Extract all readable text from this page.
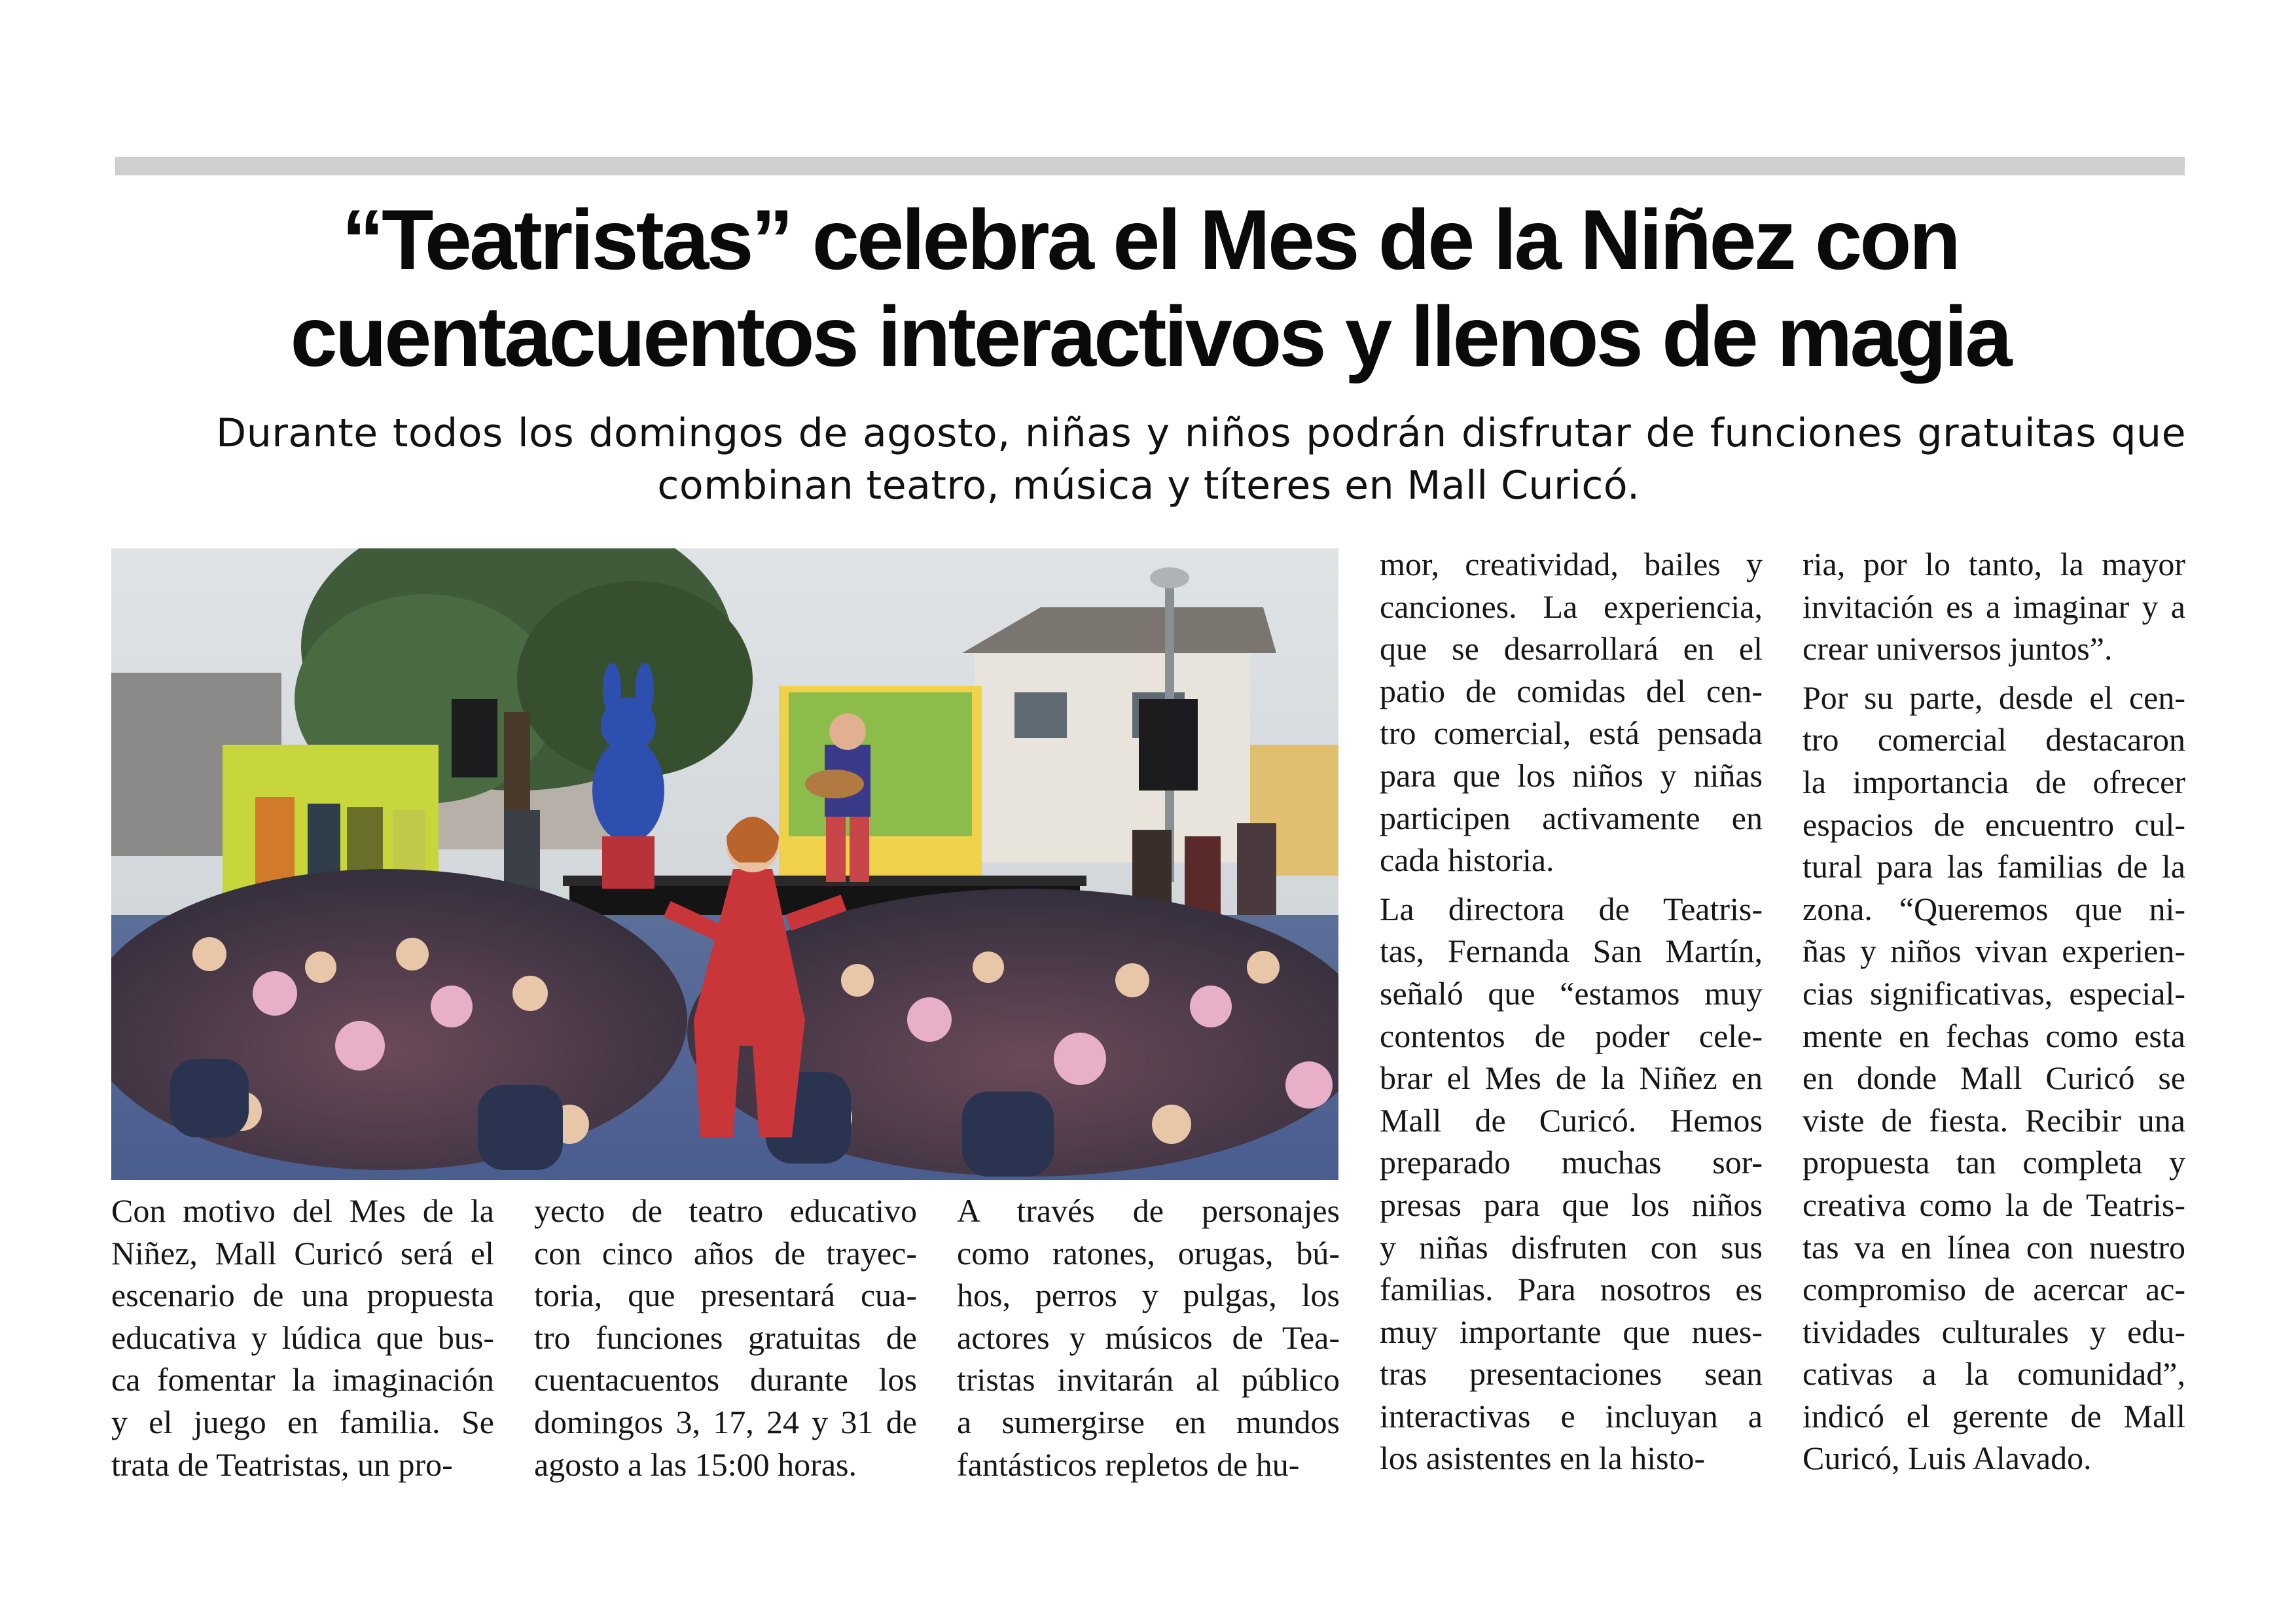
“Teatristas” celebra el Mes de la Niñez con
cuentacuentos interactivos y llenos de magia

Durante todos los domingos de agosto, niñas y niños podrán disfrutar de funciones gratuitas que
combinan teatro, música y títeres en Mall Curicó.

Con motivo del Mes de la
Niñez, Mall Curicó será el
escenario de una propuesta
educativa y lúdica que bus-
ca fomentar la imaginación
y el juego en familia. Se
trata de Teatristas, un pro-
yecto de teatro educativo
con cinco años de trayec-
toria, que presentará cua-
tro funciones gratuitas de
cuentacuentos durante los
domingos 3, 17, 24 y 31 de
agosto a las 15:00 horas.
A través de personajes
como ratones, orugas, bú-
hos, perros y pulgas, los
actores y músicos de Tea-
tristas invitarán al público
a sumergirse en mundos
fantásticos repletos de hu-
mor, creatividad, bailes y
canciones. La experiencia,
que se desarrollará en el
patio de comidas del cen-
tro comercial, está pensada
para que los niños y niñas
participen activamente en
cada historia.
La directora de Teatris-
tas, Fernanda San Martín,
señaló que “estamos muy
contentos de poder cele-
brar el Mes de la Niñez en
Mall de Curicó. Hemos
preparado muchas sor-
presas para que los niños
y niñas disfruten con sus
familias. Para nosotros es
muy importante que nues-
tras presentaciones sean
interactivas e incluyan a
los asistentes en la histo-
ria, por lo tanto, la mayor
invitación es a imaginar y a
crear universos juntos”.
Por su parte, desde el cen-
tro comercial destacaron
la importancia de ofrecer
espacios de encuentro cul-
tural para las familias de la
zona. “Queremos que ni-
ñas y niños vivan experien-
cias significativas, especial-
mente en fechas como esta
en donde Mall Curicó se
viste de fiesta. Recibir una
propuesta tan completa y
creativa como la de Teatris-
tas va en línea con nuestro
compromiso de acercar ac-
tividades culturales y edu-
cativas a la comunidad”,
indicó el gerente de Mall
Curicó, Luis Alavado.
